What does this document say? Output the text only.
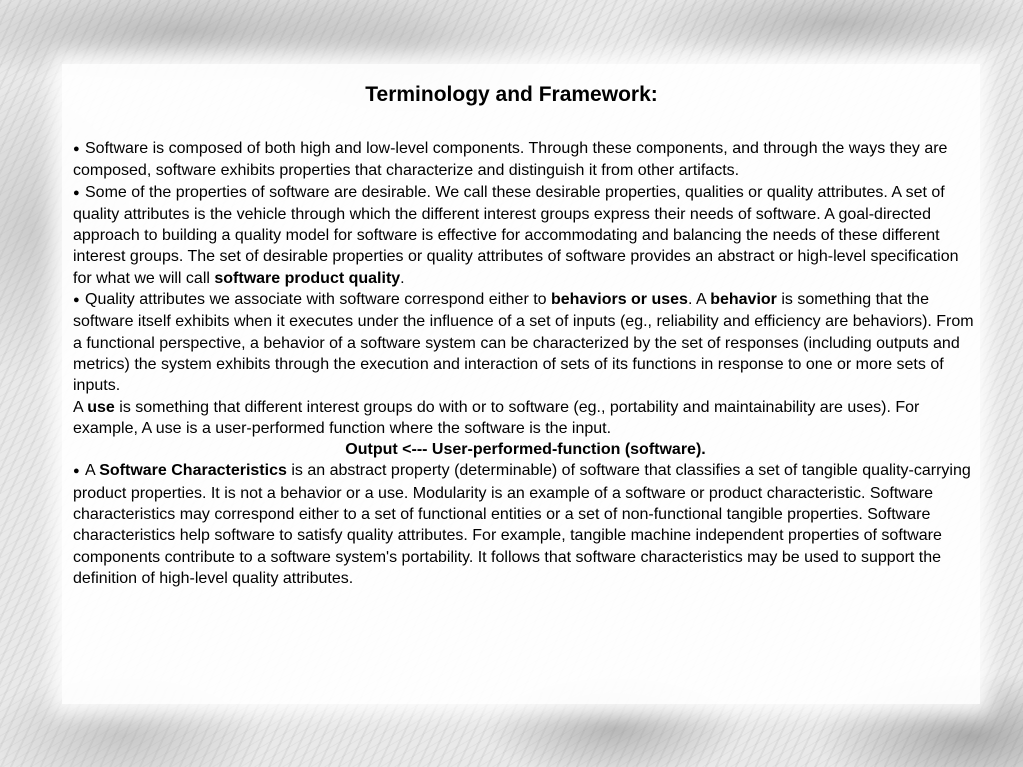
Terminology and Framework:

● Software is composed of both high and low-level components. Through these components, and through the ways they are composed, software exhibits properties that characterize and distinguish it from other artifacts.

● Some of the properties of software are desirable. We call these desirable properties, qualities or quality attributes. A set of quality attributes is the vehicle through which the different interest groups express their needs of software. A goal-directed approach to building a quality model for software is effective for accommodating and balancing the needs of these different interest groups. The set of desirable properties or quality attributes of software provides an abstract or high-level specification for what we will call software product quality.

● Quality attributes we associate with software correspond either to behaviors or uses. A behavior is something that the software itself exhibits when it executes under the influence of a set of inputs (eg., reliability and efficiency are behaviors). From a functional perspective, a behavior of a software system can be characterized by the set of responses (including outputs and metrics) the system exhibits through the execution and interaction of sets of its functions in response to one or more sets of inputs.

A use is something that different interest groups do with or to software (eg., portability and maintainability are uses). For example, A use is a user-performed function where the software is the input.

Output <--- User-performed-function (software).

● A Software Characteristics is an abstract property (determinable) of software that classifies a set of tangible quality-carrying product properties. It is not a behavior or a use. Modularity is an example of a software or product characteristic. Software characteristics may correspond either to a set of functional entities or a set of non-functional tangible properties. Software characteristics help software to satisfy quality attributes. For example, tangible machine independent properties of software components contribute to a software system's portability. It follows that software characteristics may be used to support the definition of high-level quality attributes.
